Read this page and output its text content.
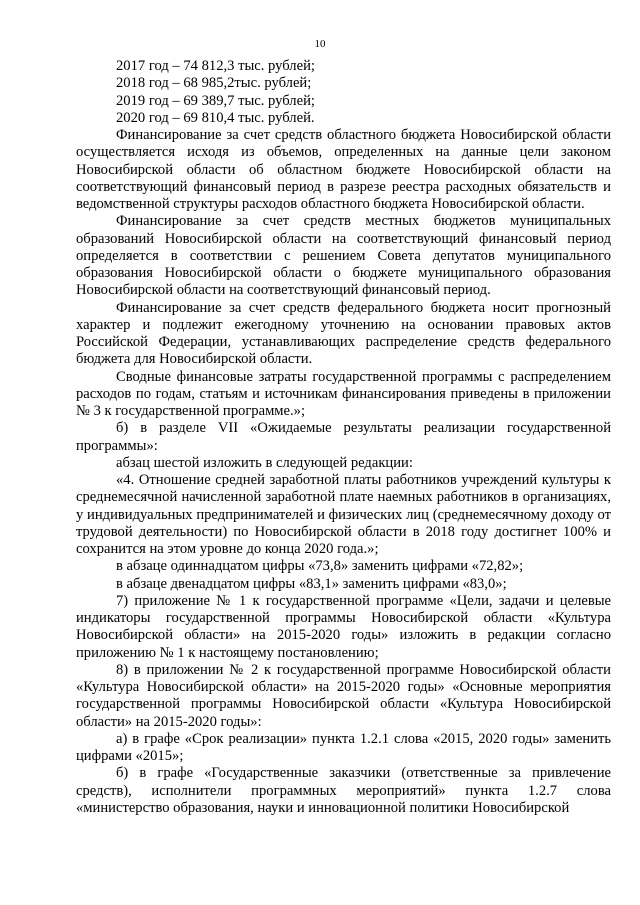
10

2017 год – 74 812,3 тыс. рублей;

2018 год – 68 985,2тыс. рублей;

2019 год – 69 389,7 тыс. рублей;

2020 год – 69 810,4 тыс. рублей.

Финансирование за счет средств областного бюджета Новосибирской области осуществляется исходя из объемов, определенных на данные цели законом Новосибирской области об областном бюджете Новосибирской области на соответствующий финансовый период в разрезе реестра расходных обязательств и ведомственной структуры расходов областного бюджета Новосибирской области.

Финансирование за счет средств местных бюджетов муниципальных образований Новосибирской области на соответствующий финансовый период определяется в соответствии с решением Совета депутатов муниципального образования Новосибирской области о бюджете муниципального образования Новосибирской области на соответствующий финансовый период.

Финансирование за счет средств федерального бюджета носит прогнозный характер и подлежит ежегодному уточнению на основании правовых актов Российской Федерации, устанавливающих распределение средств федерального бюджета для Новосибирской области.

Сводные финансовые затраты государственной программы с распределением расходов по годам, статьям и источникам финансирования приведены в приложении № 3 к государственной программе.»;

б) в разделе VII «Ожидаемые результаты реализации государственной программы»:

абзац шестой изложить в следующей редакции:

«4. Отношение средней заработной платы работников учреждений культуры к среднемесячной начисленной заработной плате наемных работников в организациях, у индивидуальных предпринимателей и физических лиц (среднемесячному доходу от трудовой деятельности) по Новосибирской области в 2018 году достигнет 100% и сохранится на этом уровне до конца 2020 года.»;

в абзаце одиннадцатом цифры «73,8» заменить цифрами «72,82»;

в абзаце двенадцатом цифры «83,1» заменить цифрами «83,0»;

7) приложение № 1 к государственной программе «Цели, задачи и целевые индикаторы государственной программы Новосибирской области «Культура Новосибирской области» на 2015-2020 годы» изложить в редакции согласно приложению № 1 к настоящему постановлению;

8) в приложении № 2 к государственной программе Новосибирской области «Культура Новосибирской области» на 2015-2020 годы» «Основные мероприятия государственной программы Новосибирской области «Культура Новосибирской области» на 2015-2020 годы»:

а) в графе «Срок реализации» пункта 1.2.1 слова «2015, 2020 годы» заменить цифрами «2015»;

б) в графе «Государственные заказчики (ответственные за привлечение средств), исполнители программных мероприятий» пункта 1.2.7 слова «министерство образования, науки и инновационной политики Новосибирской
